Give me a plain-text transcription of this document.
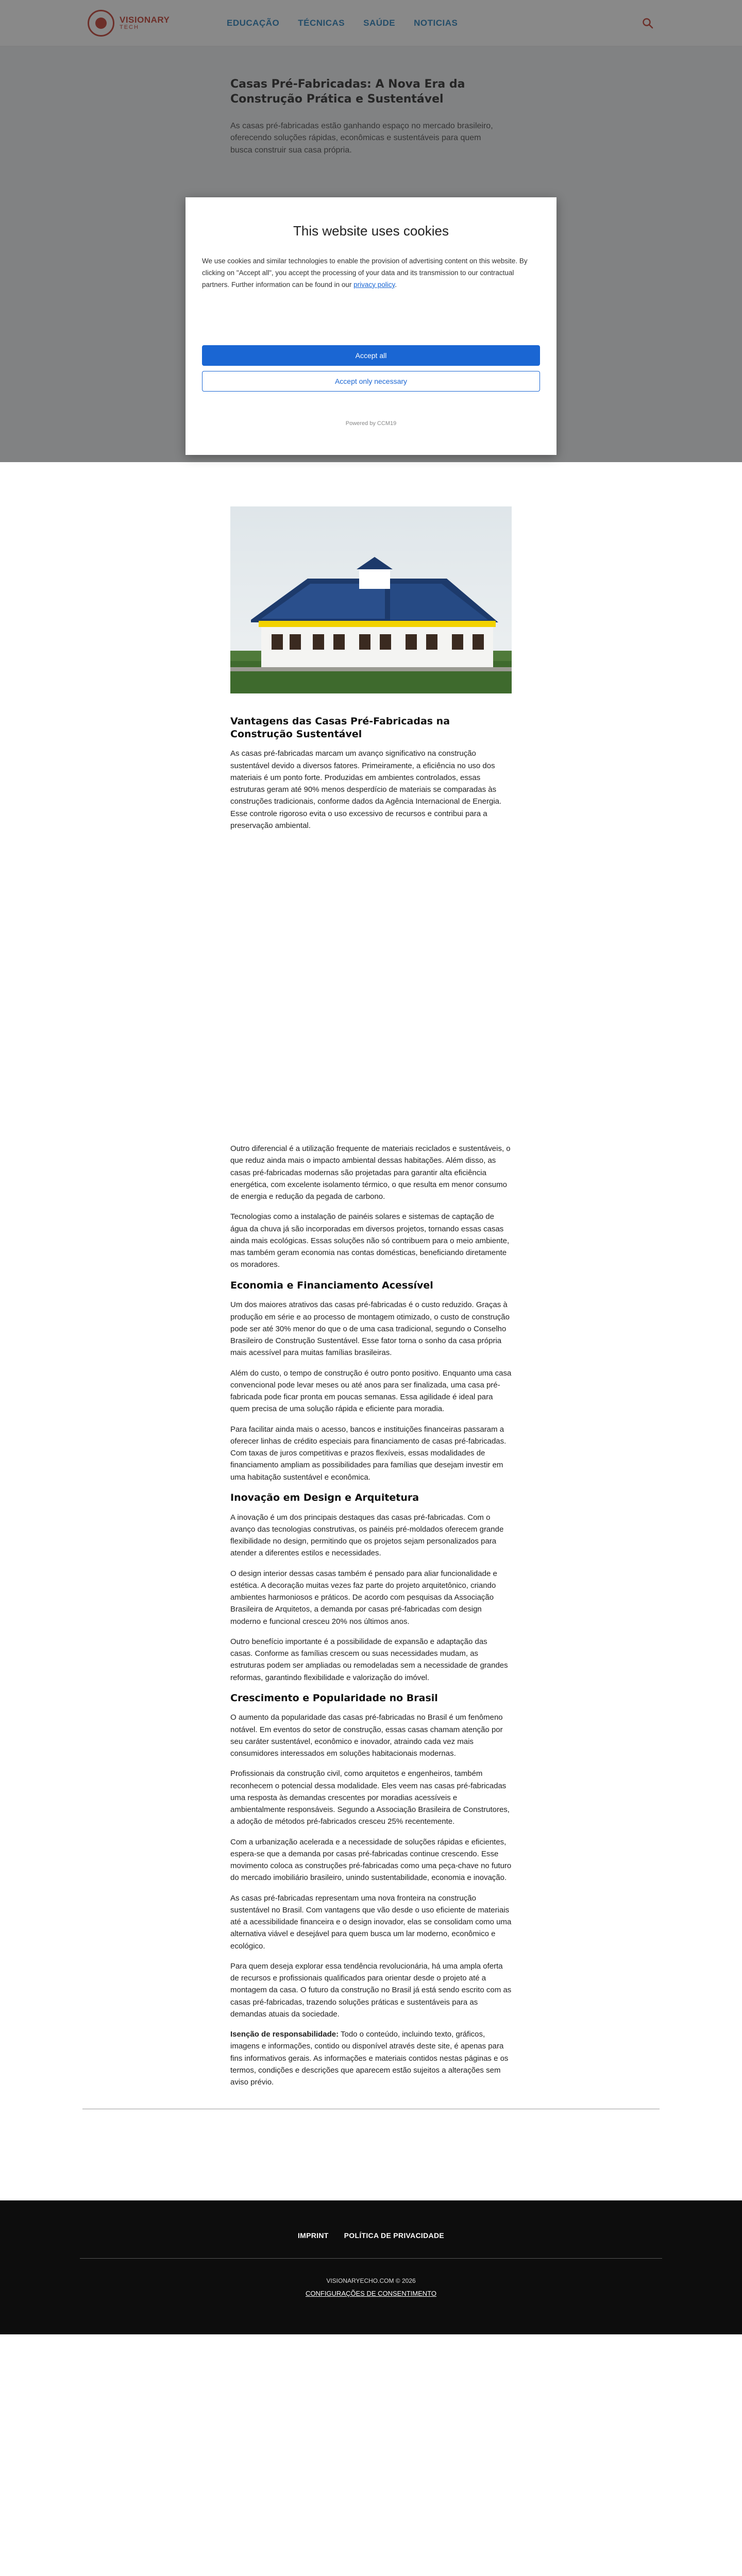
Vantagens das Casas Pré-Fabricadas na Construção Sustentável

As casas pré-fabricadas marcam um avanço significativo na construção sustentável devido a diversos fatores. Primeiramente, a eficiência no uso dos materiais é um ponto forte. Produzidas em ambientes controlados, essas estruturas geram até 90% menos desperdício de materiais se comparadas às construções tradicionais, conforme dados da Agência Internacional de Energia. Esse controle rigoroso evita o uso excessivo de recursos e contribui para a preservação ambiental.

Outro diferencial é a utilização frequente de materiais reciclados e sustentáveis, o que reduz ainda mais o impacto ambiental dessas habitações. Além disso, as casas pré-fabricadas modernas são projetadas para garantir alta eficiência energética, com excelente isolamento térmico, o que resulta em menor consumo de energia e redução da pegada de carbono.

Tecnologias como a instalação de painéis solares e sistemas de captação de água da chuva já são incorporadas em diversos projetos, tornando essas casas ainda mais ecológicas. Essas soluções não só contribuem para o meio ambiente, mas também geram economia nas contas domésticas, beneficiando diretamente os moradores.

Economia e Financiamento Acessível

Um dos maiores atrativos das casas pré-fabricadas é o custo reduzido. Graças à produção em série e ao processo de montagem otimizado, o custo de construção pode ser até 30% menor do que o de uma casa tradicional, segundo o Conselho Brasileiro de Construção Sustentável. Esse fator torna o sonho da casa própria mais acessível para muitas famílias brasileiras.

Além do custo, o tempo de construção é outro ponto positivo. Enquanto uma casa convencional pode levar meses ou até anos para ser finalizada, uma casa pré-fabricada pode ficar pronta em poucas semanas. Essa agilidade é ideal para quem precisa de uma solução rápida e eficiente para moradia.

Para facilitar ainda mais o acesso, bancos e instituições financeiras passaram a oferecer linhas de crédito especiais para financiamento de casas pré-fabricadas. Com taxas de juros competitivas e prazos flexíveis, essas modalidades de financiamento ampliam as possibilidades para famílias que desejam investir em uma habitação sustentável e econômica.

Inovação em Design e Arquitetura

A inovação é um dos principais destaques das casas pré-fabricadas. Com o avanço das tecnologias construtivas, os painéis pré-moldados oferecem grande flexibilidade no design, permitindo que os projetos sejam personalizados para atender a diferentes estilos e necessidades.

O design interior dessas casas também é pensado para aliar funcionalidade e estética. A decoração muitas vezes faz parte do projeto arquitetônico, criando ambientes harmoniosos e práticos. De acordo com pesquisas da Associação Brasileira de Arquitetos, a demanda por casas pré-fabricadas com design moderno e funcional cresceu 20% nos últimos anos.

Outro benefício importante é a possibilidade de expansão e adaptação das casas. Conforme as famílias crescem ou suas necessidades mudam, as estruturas podem ser ampliadas ou remodeladas sem a necessidade de grandes reformas, garantindo flexibilidade e valorização do imóvel.

Crescimento e Popularidade no Brasil

O aumento da popularidade das casas pré-fabricadas no Brasil é um fenômeno notável. Em eventos do setor de construção, essas casas chamam atenção por seu caráter sustentável, econômico e inovador, atraindo cada vez mais consumidores interessados em soluções habitacionais modernas.

Profissionais da construção civil, como arquitetos e engenheiros, também reconhecem o potencial dessa modalidade. Eles veem nas casas pré-fabricadas uma resposta às demandas crescentes por moradias acessíveis e ambientalmente responsáveis. Segundo a Associação Brasileira de Construtores, a adoção de métodos pré-fabricados cresceu 25% recentemente.

Com a urbanização acelerada e a necessidade de soluções rápidas e eficientes, espera-se que a demanda por casas pré-fabricadas continue crescendo. Esse movimento coloca as construções pré-fabricadas como uma peça-chave no futuro do mercado imobiliário brasileiro, unindo sustentabilidade, economia e inovação.

As casas pré-fabricadas representam uma nova fronteira na construção sustentável no Brasil. Com vantagens que vão desde o uso eficiente de materiais até a acessibilidade financeira e o design inovador, elas se consolidam como uma alternativa viável e desejável para quem busca um lar moderno, econômico e ecológico.

Para quem deseja explorar essa tendência revolucionária, há uma ampla oferta de recursos e profissionais qualificados para orientar desde o projeto até a montagem da casa. O futuro da construção no Brasil já está sendo escrito com as casas pré-fabricadas, trazendo soluções práticas e sustentáveis para as demandas atuais da sociedade.

Isenção de responsabilidade: Todo o conteúdo, incluindo texto, gráficos, imagens e informações, contido ou disponível através deste site, é apenas para fins informativos gerais. As informações e materiais contidos nestas páginas e os termos, condições e descrições que aparecem estão sujeitos a alterações sem aviso prévio.

IMPRINT POLÍTICA DE PRIVACIDADE
VISIONARYECHO.COM © 2026
CONFIGURAÇÕES DE CONSENTIMENTO
This website uses cookies

We use cookies and similar technologies to enable the provision of advertising content on this website. By clicking on "Accept all", you accept the processing of your data and its transmission to our contractual partners. Further information can be found in our privacy policy.

Accept all Accept only necessary
Powered by CCM19
